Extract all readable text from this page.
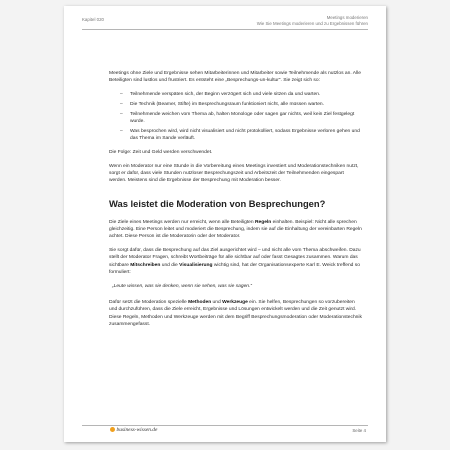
Kapitel 020	Meetings moderieren
Wie Sie Meetings moderieren und zu Ergebnissen führen

Meetings ohne Ziele und Ergebnisse sehen Mitarbeiterinnen und Mitarbeiter sowie Teilnehmende als nutzlos an. Alle Beteiligten sind lustlos und frustriert. Es entsteht eine „Besprechungs-un-kultur“. Sie zeigt sich so:

– Teilnehmende verspäten sich, der Beginn verzögert sich und viele sitzen da und warten.
– Die Technik (Beamer, Stifte) im Besprechungsraum funktioniert nicht, alle müssen warten.
– Teilnehmende weichen vom Thema ab, halten Monologe oder sagen gar nichts, weil kein Ziel festgelegt wurde.
– Was besprochen wird, wird nicht visualisiert und nicht protokolliert, sodass Ergebnisse verloren gehen und das Thema im Sande verläuft.

Die Folge: Zeit und Geld werden verschwendet.

Wenn ein Moderator nur eine Stunde in die Vorbereitung eines Meetings investiert und Moderationstechniken nutzt, sorgt er dafür, dass viele Stunden nutzloser Besprechungszeit und Arbeitszeit der Teilnehmenden eingespart werden. Meistens sind die Ergebnisse der Besprechung mit Moderation besser.

Was leistet die Moderation von Besprechungen?

Die Ziele eines Meetings werden nur erreicht, wenn alle Beteiligten Regeln einhalten. Beispiel: Nicht alle sprechen gleichzeitig. Eine Person leitet und moderiert die Besprechung, indem sie auf die Einhaltung der vereinbarten Regeln achtet. Diese Person ist die Moderatorin oder der Moderator.

Sie sorgt dafür, dass die Besprechung auf das Ziel ausgerichtet wird – und nicht alle vom Thema abschweifen. Dazu stellt der Moderator Fragen, schreibt Wortbeiträge für alle sichtbar auf oder fasst Gesagtes zusammen. Warum das sichtbare Mitschreiben und die Visualisierung wichtig sind, hat der Organisationsexperte Karl E. Weick treffend so formuliert:

„Leute wissen, was sie denken, wenn sie sehen, was sie sagen.“

Dafür setzt die Moderation spezielle Methoden und Werkzeuge ein. Sie helfen, Besprechungen so vorzubereiten und durchzuführen, dass die Ziele erreicht, Ergebnisse und Lösungen entwickelt werden und die Zeit genutzt wird. Diese Regeln, Methoden und Werkzeuge werden mit dem Begriff Besprechungsmoderation oder Moderationstechnik zusammengefasst.

business-wissen.de	Seite 4
